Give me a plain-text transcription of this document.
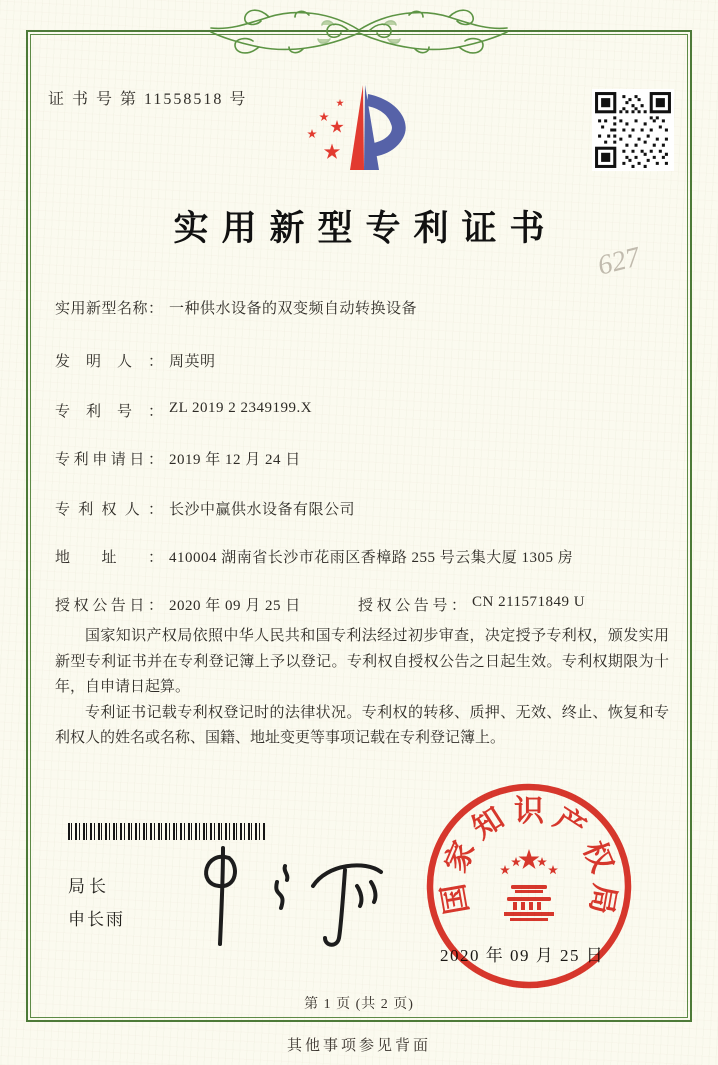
证 书 号 第 11558518 号
实用新型专利证书
627
实用新型名称： 一种供水设备的双变频自动转换设备
发明人： 周英明
专利号： ZL 2019 2 2349199.X
专利申请日： 2019 年 12 月 24 日
专利权人： 长沙中赢供水设备有限公司
地址： 410004 湖南省长沙市花雨区香樟路 255 号云集大厦 1305 房
授权公告日： 2020 年 09 月 25 日	授权公告号： CN 211571849 U

国家知识产权局依照中华人民共和国专利法经过初步审查，决定授予专利权，颁发实用新型专利证书并在专利登记簿上予以登记。专利权自授权公告之日起生效。专利权期限为十年，自申请日起算。

专利证书记载专利权登记时的法律状况。专利权的转移、质押、无效、终止、恢复和专利权人的姓名或名称、国籍、地址变更等事项记载在专利登记簿上。

局长
申长雨
2020 年 09 月 25 日
国
家
知 识 产
权
局
第 1 页 (共 2 页)
其他事项参见背面
